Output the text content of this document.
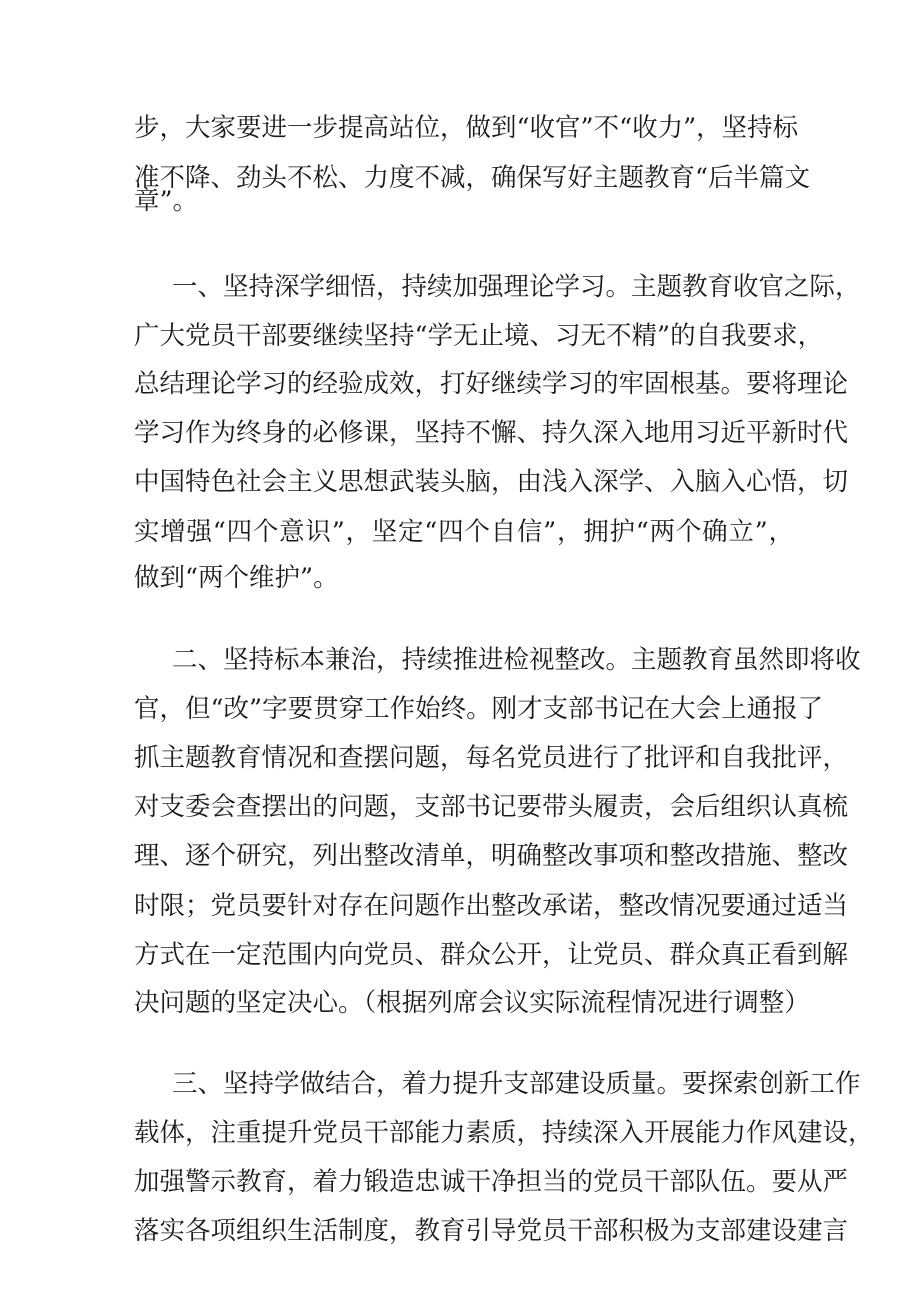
步，大家要进一步提高站位，做到“收官”不“收力”，坚持标
准不降、劲头不松、力度不减，确保写好主题教育“后半篇文
章”。
一、坚持深学细悟，持续加强理论学习。主题教育收官之际，
广大党员干部要继续坚持“学无止境、习无不精”的自我要求，
总结理论学习的经验成效，打好继续学习的牢固根基。要将理论
学习作为终身的必修课，坚持不懈、持久深入地用习近平新时代
中国特色社会主义思想武装头脑，由浅入深学、入脑入心悟，切
实增强“四个意识”，坚定“四个自信”，拥护“两个确立”，
做到“两个维护”。
二、坚持标本兼治，持续推进检视整改。主题教育虽然即将收
官，但“改”字要贯穿工作始终。刚才支部书记在大会上通报了
抓主题教育情况和查摆问题，每名党员进行了批评和自我批评，
对支委会查摆出的问题，支部书记要带头履责，会后组织认真梳
理、逐个研究，列出整改清单，明确整改事项和整改措施、整改
时限；党员要针对存在问题作出整改承诺，整改情况要通过适当
方式在一定范围内向党员、群众公开，让党员、群众真正看到解
决问题的坚定决心。（根据列席会议实际流程情况进行调整）
三、坚持学做结合，着力提升支部建设质量。要探索创新工作
载体，注重提升党员干部能力素质，持续深入开展能力作风建设，
加强警示教育，着力锻造忠诚干净担当的党员干部队伍。要从严
落实各项组织生活制度，教育引导党员干部积极为支部建设建言
